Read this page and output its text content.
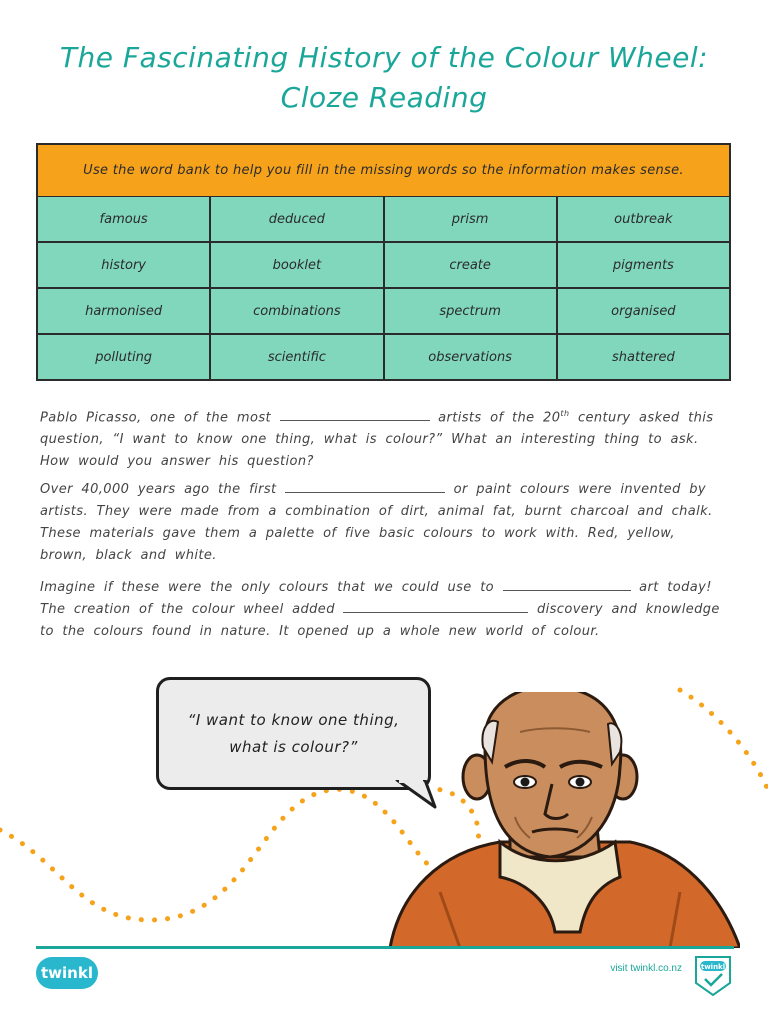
The Fascinating History of the Colour Wheel:
Cloze Reading
Use the word bank to help you fill in the missing words so the information makes sense.
famous	deduced	prism	outbreak
history	booklet	create	pigments
harmonised	combinations	spectrum	organised
polluting	scientific	observations	shattered
Pablo Picasso, one of the most	artists of the 20th century asked this question, “I want to know one thing, what is colour?” What an interesting thing to ask. How would you answer his question?
Over 40,000 years ago the first	or paint colours were invented by artists. They were made from a combination of dirt, animal fat, burnt charcoal and chalk. These materials gave them a palette of five basic colours to work with. Red, yellow, brown, black and white.
Imagine if these were the only colours that we could use to	art today! The creation of the colour wheel added	discovery and knowledge to the colours found in nature. It opened up a whole new world of colour.
“I want to know one thing,
what is colour?”
twinkl	visit twinkl.co.nz	twinkl
